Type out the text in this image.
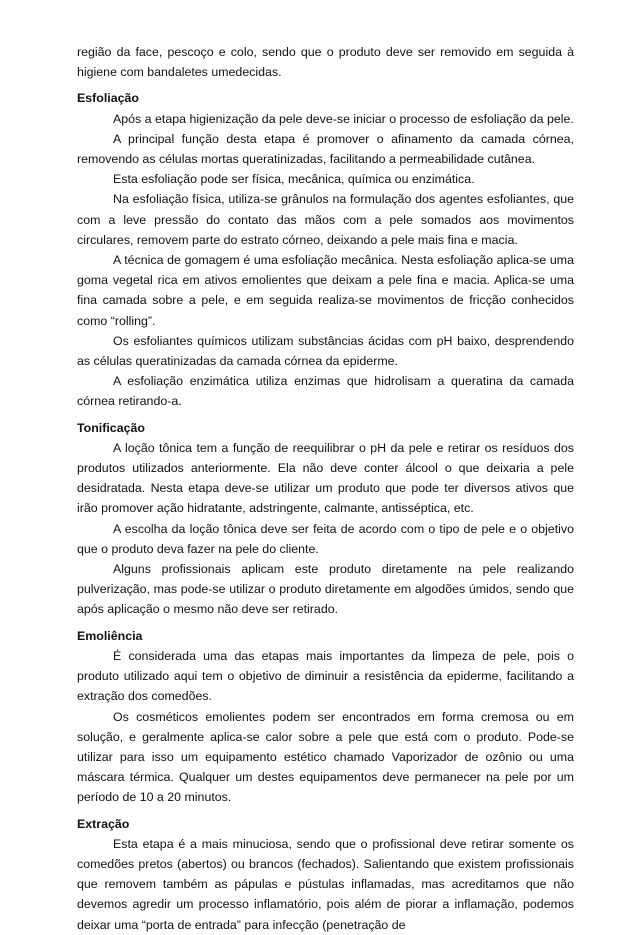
região da face, pescoço e colo, sendo que o produto deve ser removido em seguida à higiene com bandaletes umedecidas.

Esfoliação

Após a etapa higienização da pele deve-se iniciar o processo de esfoliação da pele.

A principal função desta etapa é promover o afinamento da camada córnea, removendo as células mortas queratinizadas, facilitando a permeabilidade cutânea.

Esta esfoliação pode ser física, mecânica, química ou enzimática.

Na esfoliação física, utiliza-se grânulos na formulação dos agentes esfoliantes, que com a leve pressão do contato das mãos com a pele somados aos movimentos circulares, removem parte do estrato córneo, deixando a pele mais fina e macia.

A técnica de gomagem é uma esfoliação mecânica. Nesta esfoliação aplica-se uma goma vegetal rica em ativos emolientes que deixam a pele fina e macia. Aplica-se uma fina camada sobre a pele, e em seguida realiza-se movimentos de fricção conhecidos como “rolling”.

Os esfoliantes químicos utilizam substâncias ácidas com pH baixo, desprendendo as células queratinizadas da camada córnea da epiderme.

A esfoliação enzimática utiliza enzimas que hidrolisam a queratina da camada córnea retirando-a.

Tonificação

A loção tônica tem a função de reequilibrar o pH da pele e retirar os resíduos dos produtos utilizados anteriormente. Ela não deve conter álcool o que deixaria a pele desidratada. Nesta etapa deve-se utilizar um produto que pode ter diversos ativos que irão promover ação hidratante, adstringente, calmante, antisséptica, etc.

A escolha da loção tônica deve ser feita de acordo com o tipo de pele e o objetivo que o produto deva fazer na pele do cliente.

Alguns profissionais aplicam este produto diretamente na pele realizando pulverização, mas pode-se utilizar o produto diretamente em algodões úmidos, sendo que após aplicação o mesmo não deve ser retirado.

Emoliência

É considerada uma das etapas mais importantes da limpeza de pele, pois o produto utilizado aqui tem o objetivo de diminuir a resistência da epiderme, facilitando a extração dos comedões.

Os cosméticos emolientes podem ser encontrados em forma cremosa ou em solução, e geralmente aplica-se calor sobre a pele que está com o produto. Pode-se utilizar para isso um equipamento estético chamado Vaporizador de ozônio ou uma máscara térmica. Qualquer um destes equipamentos deve permanecer na pele por um período de 10 a 20 minutos.

Extração

Esta etapa é a mais minuciosa, sendo que o profissional deve retirar somente os comedões pretos (abertos) ou brancos (fechados). Salientando que existem profissionais que removem também as pápulas e pústulas inflamadas, mas acreditamos que não devemos agredir um processo inflamatório, pois além de piorar a inflamação, podemos deixar uma “porta de entrada” para infecção (penetração de
